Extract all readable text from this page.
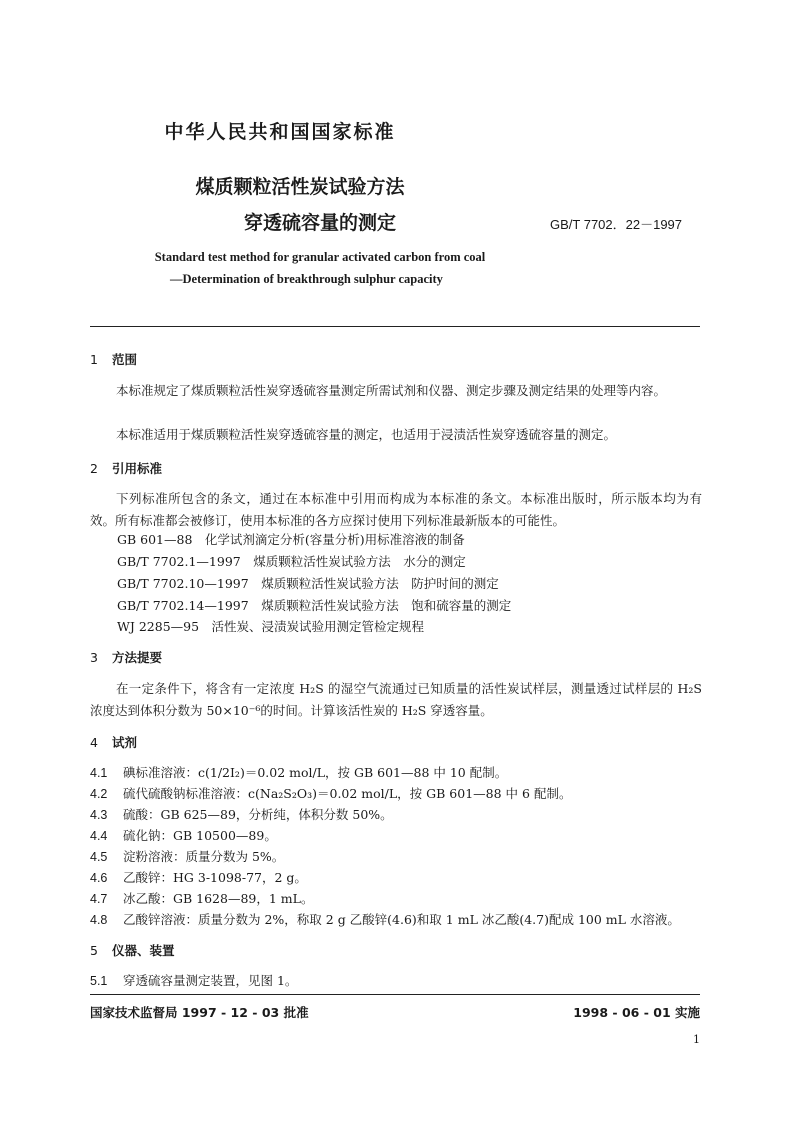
中华人民共和国国家标准
煤质颗粒活性炭试验方法
穿透硫容量的测定	GB/T 7702．22－1997
Standard test method for granular activated carbon from coal
—Determination of breakthrough sulphur capacity
1 范围
本标准规定了煤质颗粒活性炭穿透硫容量测定所需试剂和仪器、测定步骤及测定结果的处理等内容。
本标准适用于煤质颗粒活性炭穿透硫容量的测定，也适用于浸渍活性炭穿透硫容量的测定。
2 引用标准
下列标准所包含的条文，通过在本标准中引用而构成为本标准的条文。本标准出版时，所示版本均为有效。所有标准都会被修订，使用本标准的各方应探讨使用下列标准最新版本的可能性。
GB 601—88　化学试剂滴定分析(容量分析)用标准溶液的制备
GB/T 7702.1—1997　煤质颗粒活性炭试验方法　水分的测定
GB/T 7702.10—1997　煤质颗粒活性炭试验方法　防护时间的测定
GB/T 7702.14—1997　煤质颗粒活性炭试验方法　饱和硫容量的测定
WJ 2285—95　活性炭、浸渍炭试验用测定管检定规程
3 方法提要
在一定条件下，将含有一定浓度 H₂S 的湿空气流通过已知质量的活性炭试样层，测量透过试样层的 H₂S 浓度达到体积分数为 50×10⁻⁶的时间。计算该活性炭的 H₂S 穿透容量。
4 试剂
4.1 碘标准溶液：c(1/2I₂)＝0.02 mol/L，按 GB 601—88 中 10 配制。
4.2 硫代硫酸钠标准溶液：c(Na₂S₂O₃)＝0.02 mol/L，按 GB 601—88 中 6 配制。
4.3 硫酸：GB 625—89，分析纯，体积分数 50%。
4.4 硫化钠：GB 10500—89。
4.5 淀粉溶液：质量分数为 5%。
4.6 乙酸锌：HG 3-1098-77，2 g。
4.7 冰乙酸：GB 1628—89，1 mL。
4.8 乙酸锌溶液：质量分数为 2%，称取 2 g 乙酸锌(4.6)和取 1 mL 冰乙酸(4.7)配成 100 mL 水溶液。
5 仪器、装置
5.1 穿透硫容量测定装置，见图 1。
国家技术监督局 1997 - 12 - 03 批准	1998 - 06 - 01 实施
1
